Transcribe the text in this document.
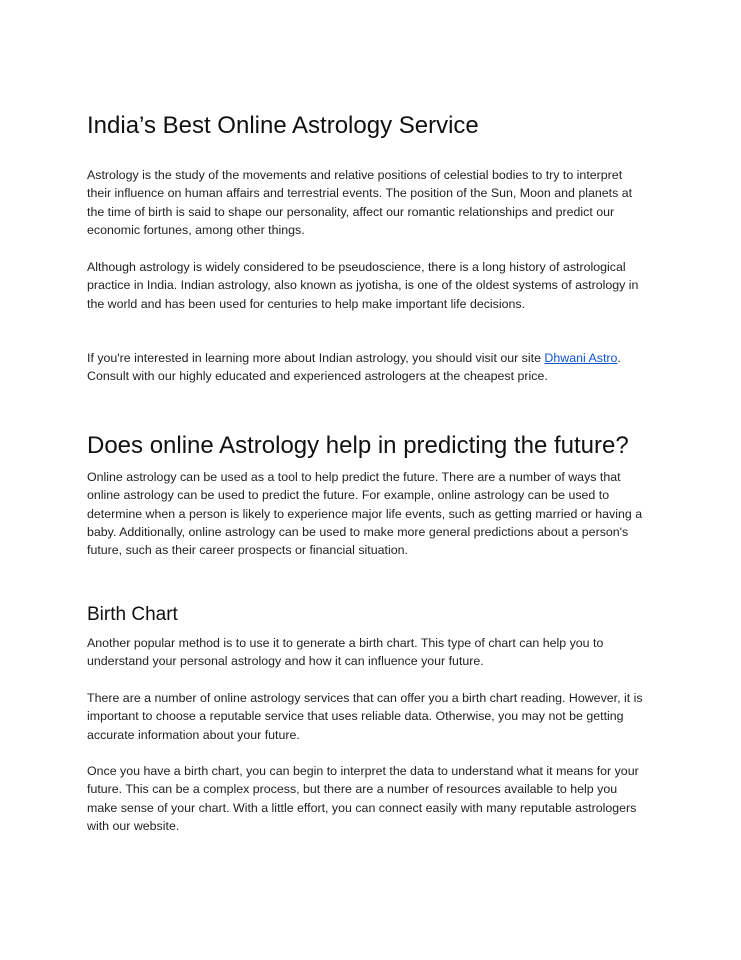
India’s Best Online Astrology Service

Astrology is the study of the movements and relative positions of celestial bodies to try to interpret their influence on human affairs and terrestrial events. The position of the Sun, Moon and planets at the time of birth is said to shape our personality, affect our romantic relationships and predict our economic fortunes, among other things.

Although astrology is widely considered to be pseudoscience, there is a long history of astrological practice in India. Indian astrology, also known as jyotisha, is one of the oldest systems of astrology in the world and has been used for centuries to help make important life decisions.

If you're interested in learning more about Indian astrology, you should visit our site Dhwani Astro. Consult with our highly educated and experienced astrologers at the cheapest price.

Does online Astrology help in predicting the future?

Online astrology can be used as a tool to help predict the future. There are a number of ways that online astrology can be used to predict the future. For example, online astrology can be used to determine when a person is likely to experience major life events, such as getting married or having a baby. Additionally, online astrology can be used to make more general predictions about a person's future, such as their career prospects or financial situation.

Birth Chart

Another popular method is to use it to generate a birth chart. This type of chart can help you to understand your personal astrology and how it can influence your future.

There are a number of online astrology services that can offer you a birth chart reading. However, it is important to choose a reputable service that uses reliable data. Otherwise, you may not be getting accurate information about your future.

Once you have a birth chart, you can begin to interpret the data to understand what it means for your future. This can be a complex process, but there are a number of resources available to help you make sense of your chart. With a little effort, you can connect easily with many reputable astrologers with our website.
